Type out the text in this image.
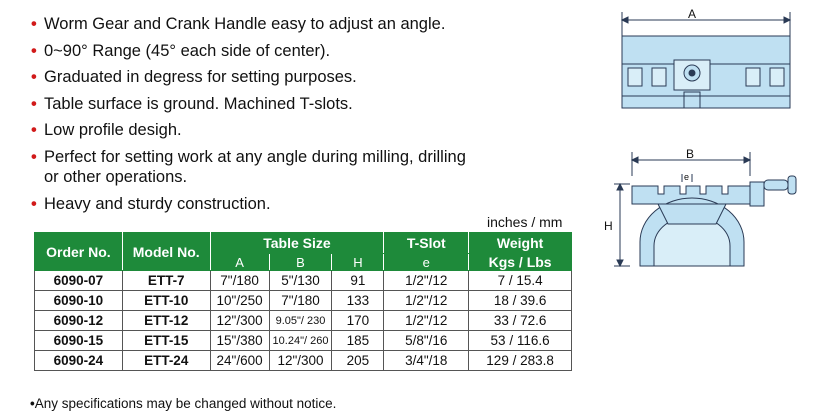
• Worm Gear and Crank Handle easy to adjust an angle.
• 0~90° Range (45° each side of center).
• Graduated in degress for setting purposes.
• Table surface is ground. Machined T-slots.
• Low profile desigh.
• Perfect for setting work at any angle during milling, drilling
or other operations.
• Heavy and sturdy construction.
inches / mm
Order No.	Model No.	Table Size			T-Slot	Weight
		A	B	H	e	Kgs / Lbs
6090-07	ETT-7	7"/180	5"/130	91	1/2"/12	7 / 15.4
6090-10	ETT-10	10"/250	7"/180	133	1/2"/12	18 / 39.6
6090-12	ETT-12	12"/300	9.05"/ 230	170	1/2"/12	33 / 72.6
6090-15	ETT-15	15"/380	10.24"/ 260	185	5/8"/16	53 / 116.6
6090-24	ETT-24	24"/600	12"/300	205	3/4"/18	129 / 283.8
•Any specifications may be changed without notice.
A
B
H
e
